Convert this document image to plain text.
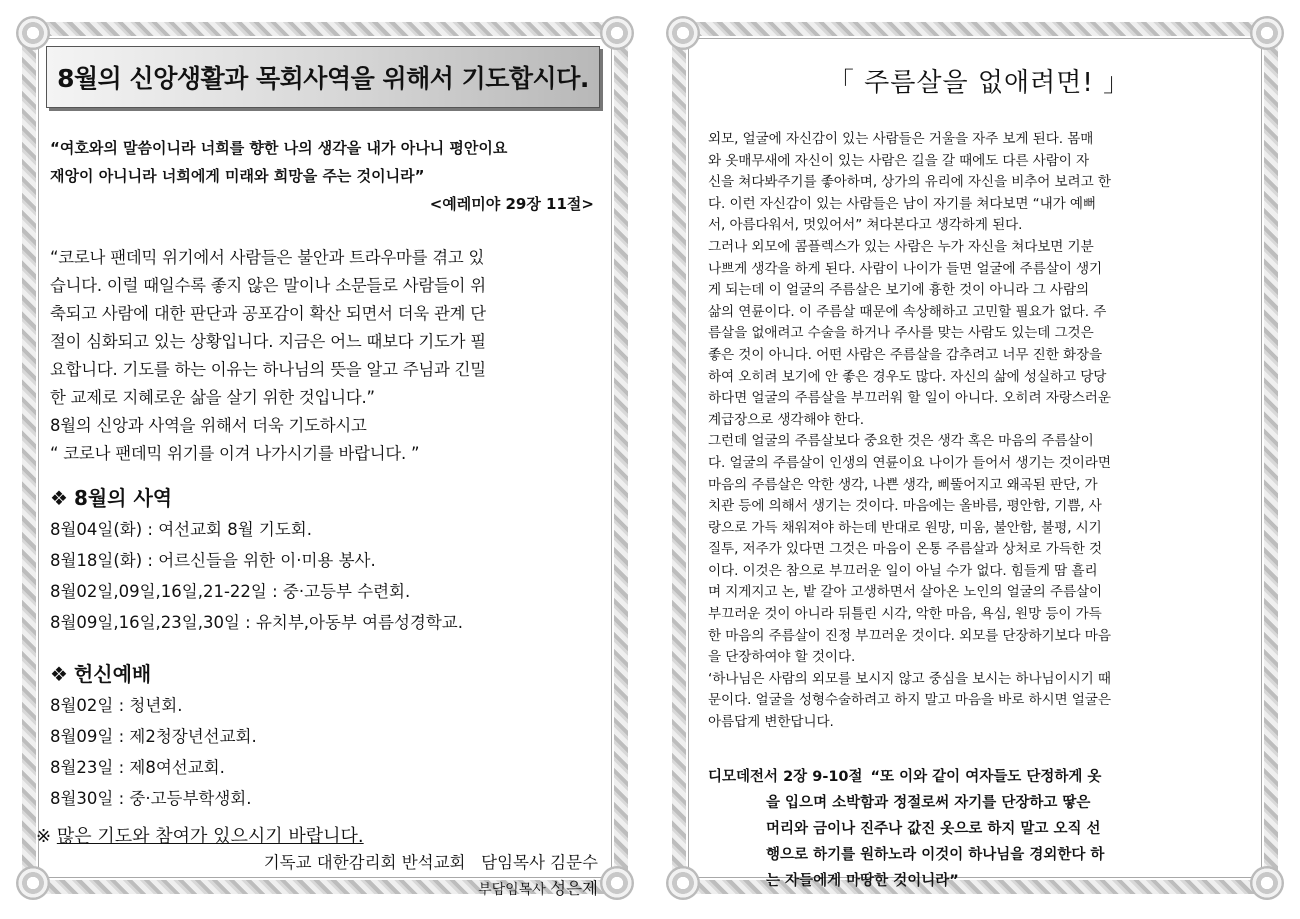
8월의 신앙생활과 목회사역을 위해서 기도합시다.
“여호와의 말씀이니라 너희를 향한 나의 생각을 내가 아나니 평안이요
재앙이 아니니라 너희에게 미래와 희망을 주는 것이니라”
<예레미야 29장 11절>

“코로나 팬데믹 위기에서 사람들은 불안과 트라우마를 겪고 있

습니다. 이럴 때일수록 좋지 않은 말이나 소문들로 사람들이 위

축되고 사람에 대한 판단과 공포감이 확산 되면서 더욱 관계 단

절이 심화되고 있는 상황입니다. 지금은 어느 때보다 기도가 필

요합니다. 기도를 하는 이유는 하나님의 뜻을 알고 주님과 긴밀

한 교제로 지혜로운 삶을 살기 위한 것입니다.”

8월의 신앙과 사역을 위해서 더욱 기도하시고

“ 코로나 팬데믹 위기를 이겨 나가시기를 바랍니다. ”

❖ 8월의 사역
8월04일(화) : 여선교회 8월 기도회.
8월18일(화) : 어르신들을 위한 이·미용 봉사.
8월02일,09일,16일,21-22일 : 중·고등부 수련회.
8월09일,16일,23일,30일 : 유치부,아동부 여름성경학교.
❖ 헌신예배
8월02일 : 청년회.
8월09일 : 제2청장년선교회.
8월23일 : 제8여선교회.
8월30일 : 중·고등부학생회.
※ 많은 기도와 참여가 있으시기 바랍니다.
기독교 대한감리회 반석교회   담임목사 김문수
부담임목사 성은제
「 주름살을 없애려면! 」

외모, 얼굴에 자신감이 있는 사람들은 거울을 자주 보게 된다. 몸매

와 옷매무새에 자신이 있는 사람은 길을 갈 때에도 다른 사람이 자

신을 쳐다봐주기를 좋아하며, 상가의 유리에 자신을 비추어 보려고 한

다. 이런 자신감이 있는 사람들은 남이 자기를 쳐다보면 “내가 예뻐

서, 아름다워서, 멋있어서” 쳐다본다고 생각하게 된다.

그러나 외모에 콤플렉스가 있는 사람은 누가 자신을 쳐다보면 기분

나쁘게 생각을 하게 된다. 사람이 나이가 들면 얼굴에 주름살이 생기

게 되는데 이 얼굴의 주름살은 보기에 흉한 것이 아니라 그 사람의

삶의 연륜이다. 이 주름살 때문에 속상해하고 고민할 필요가 없다. 주

름살을 없애려고 수술을 하거나 주사를 맞는 사람도 있는데 그것은

좋은 것이 아니다. 어떤 사람은 주름살을 감추려고 너무 진한 화장을

하여 오히려 보기에 안 좋은 경우도 많다. 자신의 삶에 성실하고 당당

하다면 얼굴의 주름살을 부끄러워 할 일이 아니다. 오히려 자랑스러운

계급장으로 생각해야 한다.

그런데 얼굴의 주름살보다 중요한 것은 생각 혹은 마음의 주름살이

다. 얼굴의 주름살이 인생의 연륜이요 나이가 들어서 생기는 것이라면

마음의 주름살은 악한 생각, 나쁜 생각, 삐뚤어지고 왜곡된 판단, 가

치관 등에 의해서 생기는 것이다. 마음에는 올바름, 평안함, 기쁨, 사

랑으로 가득 채워져야 하는데 반대로 원망, 미움, 불안함, 불평, 시기

질투, 저주가 있다면 그것은 마음이 온통 주름살과 상처로 가득한 것

이다. 이것은 참으로 부끄러운 일이 아닐 수가 없다. 힘들게 땀 흘리

며 지게지고 논, 밭 갈아 고생하면서 살아온 노인의 얼굴의 주름살이

부끄러운 것이 아니라 뒤틀린 시각, 악한 마음, 욕심, 원망 등이 가득

한 마음의 주름살이 진정 부끄러운 것이다. 외모를 단장하기보다 마음

을 단장하여야 할 것이다.

‘하나님은 사람의 외모를 보시지 않고 중심을 보시는 하나님이시기 때

문이다. 얼굴을 성형수술하려고 하지 말고 마음을 바로 하시면 얼굴은

아름답게 변한답니다.

디모데전서 2장 9-10절 “또 이와 같이 여자들도 단정하게 옷
을 입으며 소박함과 정절로써 자기를 단장하고 땋은
머리와 금이나 진주나 값진 옷으로 하지 말고 오직 선
행으로 하기를 원하노라 이것이 하나님을 경외한다 하
는 자들에게 마땅한 것이니라”
